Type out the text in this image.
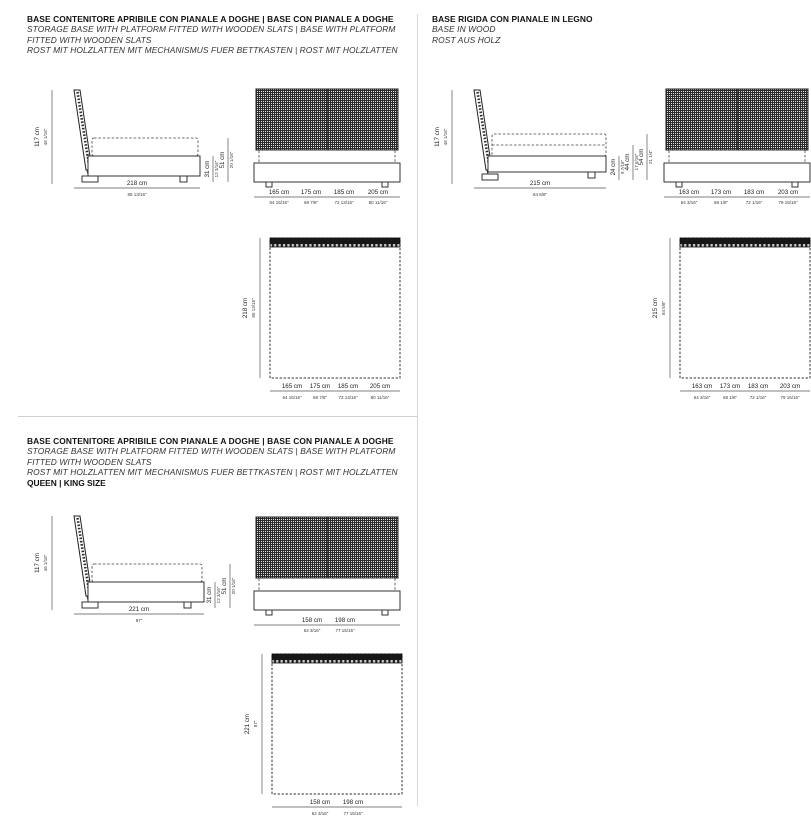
BASE CONTENITORE APRIBILE CON PIANALE A DOGHE | BASE CON PIANALE A DOGHE

STORAGE BASE WITH PLATFORM FITTED WITH WOODEN SLATS | BASE WITH PLATFORM FITTED WITH WOODEN SLATS

ROST MIT HOLZLATTEN MIT MECHANISMUS FUER BETTKASTEN | ROST MIT HOLZLATTEN

117 cm 46 1/16"
218 cm
85 13/16"
31 cm 12 3/16"
51 cm 20 1/16"
165 cm 175 cm 185 cm 205 cm
64 15/16"	68 7/8"	72 13/16"	80 11/16"
218 cm 85 13/16"
165 cm 175 cm 185 cm 205 cm
64 15/16"	68 7/8"	72 13/16"	80 11/16"
BASE RIGIDA CON PIANALE IN LEGNO

BASE IN WOOD

ROST AUS HOLZ

117 cm 46 1/16"
215 cm
84 5/8"
24 cm 9 7/16" 44 cm 17 5/16" 54 cm 21 1/4"
163 cm 173 cm 183 cm 203 cm
64 3/16"	68 1/8"	72 1/16"	79 15/16"
215 cm 84 5/8"
163 cm 173 cm 183 cm 203 cm
64 3/16"	68 1/8"	72 1/16"	79 15/16"
BASE CONTENITORE APRIBILE CON PIANALE A DOGHE | BASE CON PIANALE A DOGHE

STORAGE BASE WITH PLATFORM FITTED WITH WOODEN SLATS | BASE WITH PLATFORM FITTED WITH WOODEN SLATS

ROST MIT HOLZLATTEN MIT MECHANISMUS FUER BETTKASTEN | ROST MIT HOLZLATTEN

QUEEN | KING SIZE

117 cm 46 1/16"
221 cm
87"
31 cm 12 3/16"
51 cm 20 1/16"
158 cm 198 cm
62 3/16"	77 15/16"
221 cm 87"
158 cm 198 cm
62 3/16"	77 15/16"
